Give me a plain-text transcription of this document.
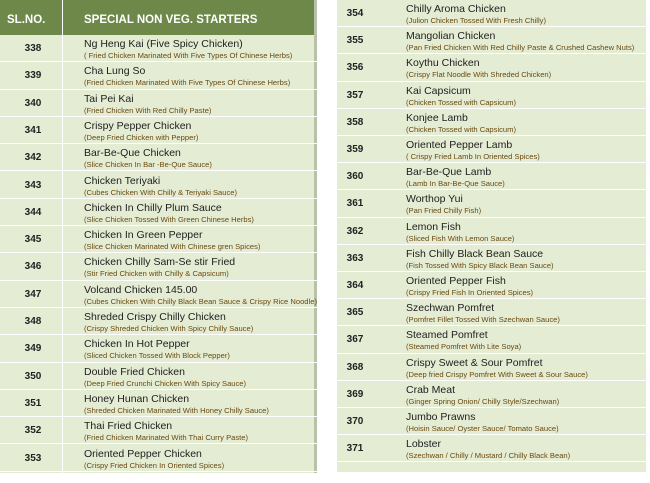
SL.NO.	SPECIAL NON VEG. STARTERS
338	Ng Heng Kai (Five Spicy Chicken)
( Fried Chicken Marinated With Five Types Of Chinese Herbs)
339	Cha Lung So
(Fried Chicken Marinated With Five Types Of Chinese Herbs)
340	Tai Pei Kai
(Fried Chicken With Red Chilly Paste)
341	Crispy Pepper Chicken
(Deep Fried Chicken with Pepper)
342	Bar-Be-Que Chicken
(Slice Chicken In Bar -Be-Que Sauce)
343	Chicken Teriyaki
(Cubes Chicken With Chilly & Teriyaki Sauce)
344	Chicken In Chilly Plum Sauce
(Slice Chicken Tossed With Green Chinese Herbs)
345	Chicken In Green Pepper
(Slice Chicken Marinated With Chinese gren Spices)
346	Chicken Chilly Sam-Se stir Fried
(Stir Fried Chicken with Chilly & Capsicum)
347	Volcand Chicken 145.00
(Cubes Chicken With Chilly Black Bean Sauce & Crispy Rice Noodle)
348	Shreded Crispy Chilly Chicken
(Crispy Shreded Chicken With Spicy Chilly Sauce)
349	Chicken In Hot Pepper
(Sliced Chicken Tossed With Block Pepper)
350	Double Fried Chicken
(Deep Fried Crunchi Chicken With Spicy Sauce)
351	Honey Hunan Chicken
(Shreded Chicken Marinated With Honey Chilly Sauce)
352	Thai Fried Chicken
(Fried Chicken Marinated With Thai Curry Paste)
353	Oriented Pepper Chicken
(Crispy Fried Chicken In Oriented Spices)
354	Chilly Aroma Chicken
(Julion Chicken Tossed With Fresh Chilly)
355	Mangolian Chicken
(Pan Fried Chicken With Red Chilly Paste & Crushed Cashew Nuts)
356	Koythu Chicken
(Crispy Flat Noodle With Shreded Chicken)
357	Kai Capsicum
(Chicken Tossed with Capsicum)
358	Konjee Lamb
(Chicken Tossed with Capsicum)
359	Oriented Pepper Lamb
( Crispy Fried Lamb In Oriented Spices)
360	Bar-Be-Que Lamb
(Lamb In Bar-Be-Que Sauce)
361	Worthop Yui
(Pan Fried Chilly Fish)
362	Lemon Fish
(Sliced Fish With Lemon Sauce)
363	Fish Chilly Black Bean Sauce
(Fish Tossed With Spicy Black Bean Sauce)
364	Oriented Pepper Fish
(Crispy Fried Fish In Oriented Spices)
365	Szechwan Pomfret
(Pomfret Fillet Tossed With Szechwan Sauce)
367	Steamed Pomfret
(Steamed Pomfret With Lite Soya)
368	Crispy Sweet & Sour Pomfret
(Deep fried Crispy Pomfret With Sweet & Sour Sauce)
369	Crab Meat
(Ginger Spring Onion/ Chilly Style/Szechwan)
370	Jumbo Prawns
(Hoisin Sauce/ Oyster Sauce/ Tomato Sauce)
371	Lobster
(Szechwan / Chilly / Mustard / Chilly Black Bean)
